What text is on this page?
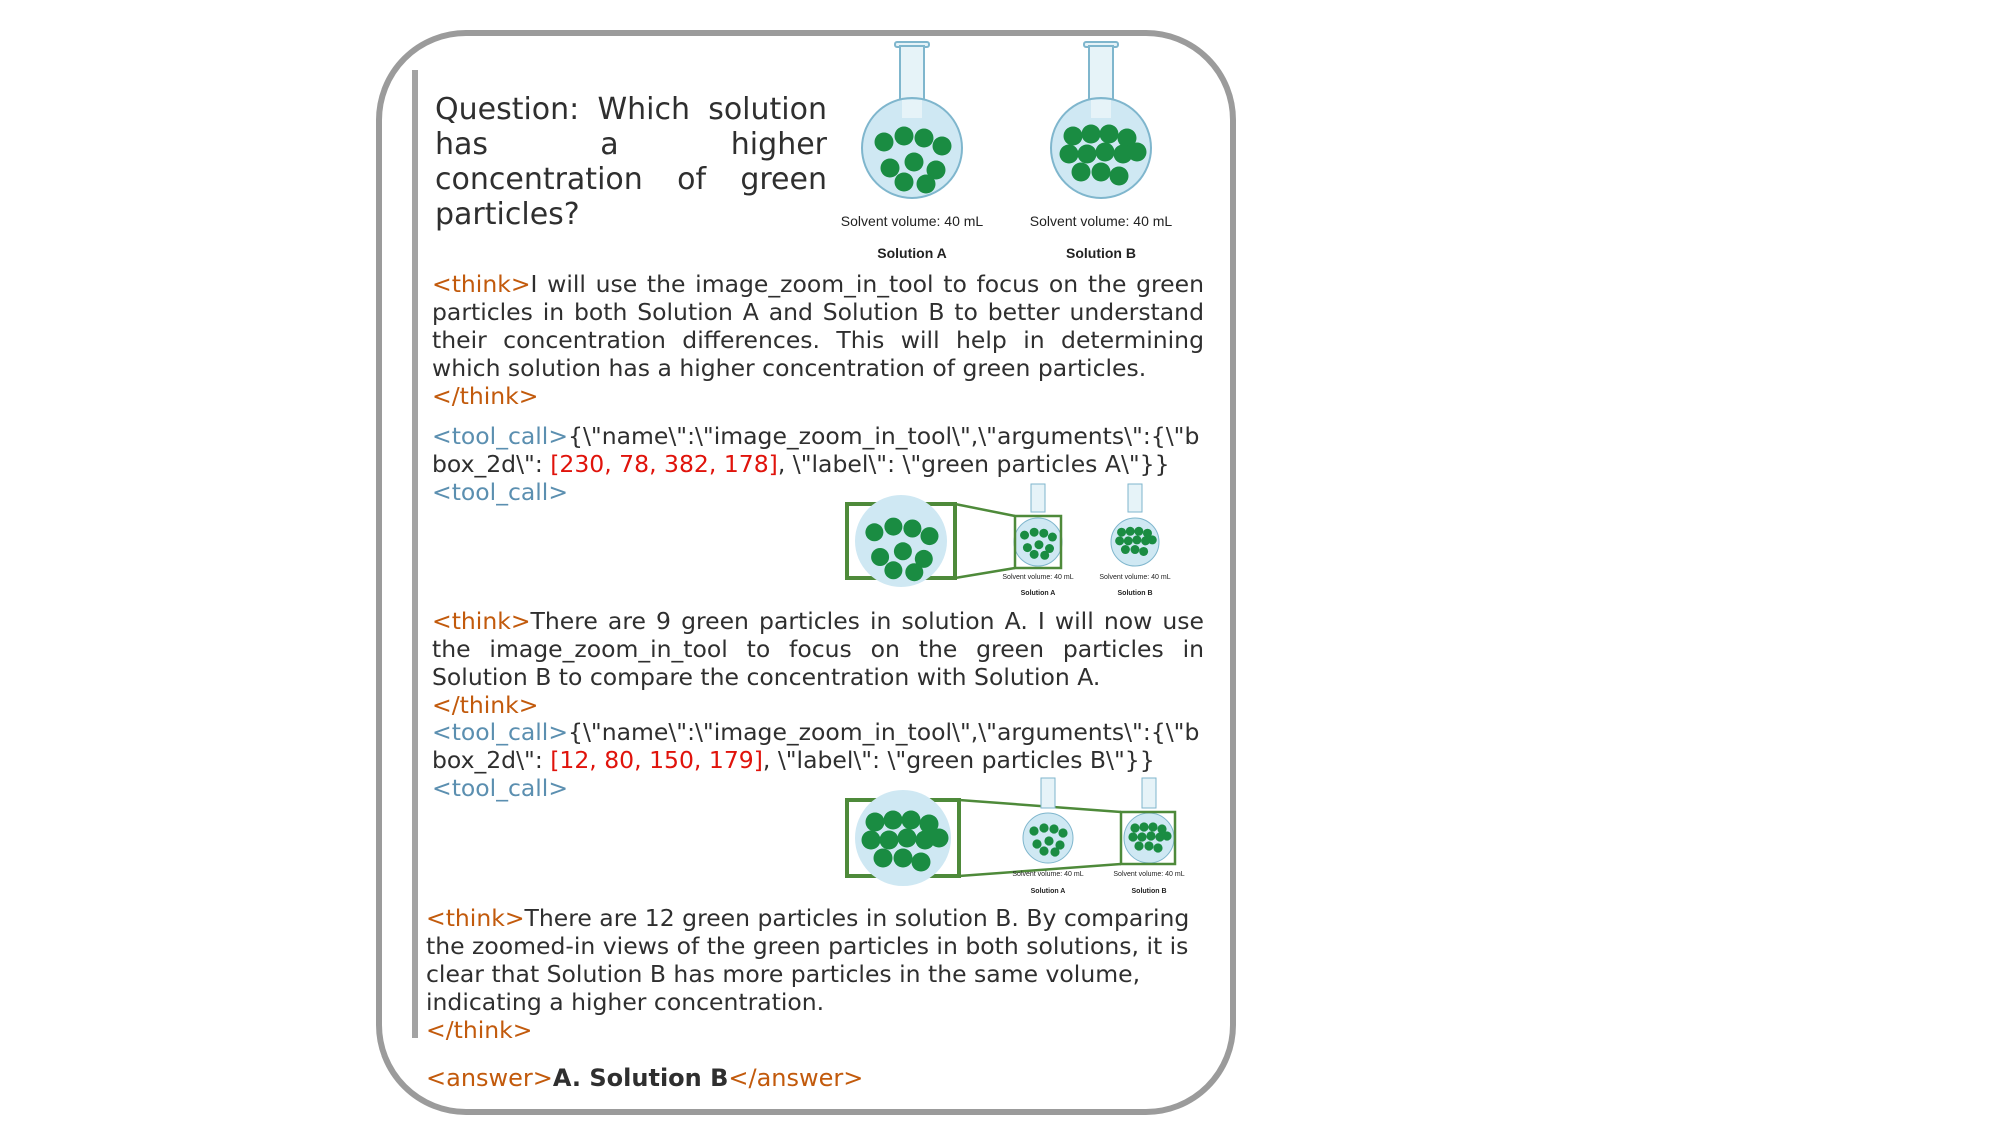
Question: Which solution has a higher concentration of green particles?	Solvent volume: 40 mL
Solution A
Solvent volume: 40 mL
Solution B
<think>I will use the image_zoom_in_tool to focus on the green particles in both Solution A and Solution B to better understand their concentration differences. This will help in determining which solution has a higher concentration of green particles.
</think>
<tool_call>{\"name\":\"image_zoom_in_tool\",\"arguments\":{\"bbox_2d\": [230, 78, 382, 178], \"label\": \"green particles A\"}}
<tool_call>
Solvent volume: 40 mL
Solution A
Solvent volume: 40 mL
Solution B
<think>There are 9 green particles in solution A. I will now use the image_zoom_in_tool to focus on the green particles in Solution B to compare the concentration with Solution A.
</think>
<tool_call>{\"name\":\"image_zoom_in_tool\",\"arguments\":{\"bbox_2d\": [12, 80, 150, 179], \"label\": \"green particles B\"}}
<tool_call>
Solvent volume: 40 mL
Solution A
Solvent volume: 40 mL
Solution B
<think>There are 12 green particles in solution B. By comparing the zoomed-in views of the green particles in both solutions, it is clear that Solution B has more particles in the same volume, indicating a higher concentration.
</think>
<answer>A. Solution B</answer>
